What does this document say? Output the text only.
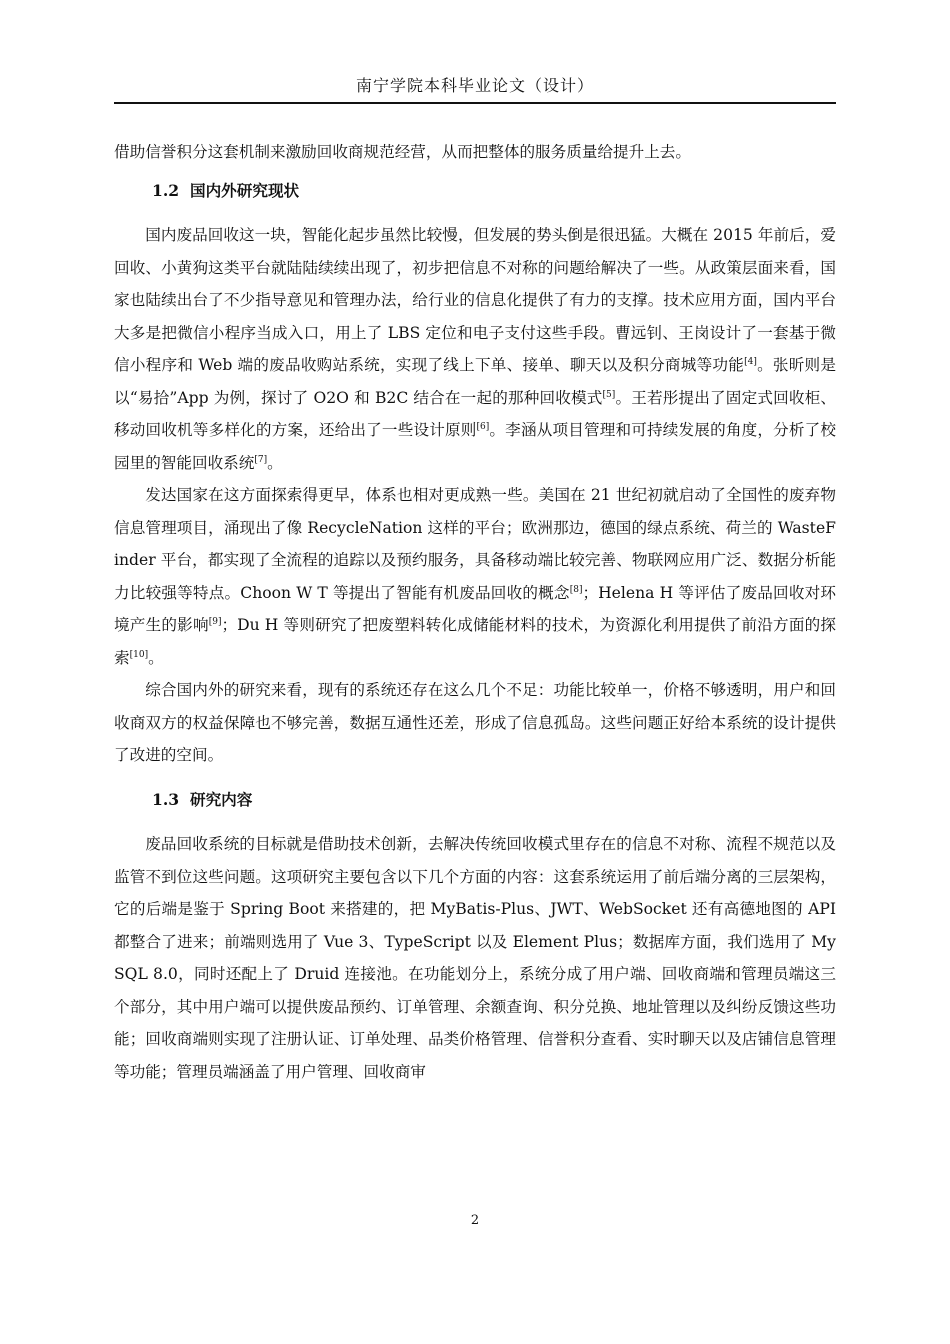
南宁学院本科毕业论文（设计）

借助信誉积分这套机制来激励回收商规范经营，从而把整体的服务质量给提升上去。

1.2  国内外研究现状

国内废品回收这一块，智能化起步虽然比较慢，但发展的势头倒是很迅猛。大概在 2015 年前后，爱回收、小黄狗这类平台就陆陆续续出现了，初步把信息不对称的问题给解决了一些。从政策层面来看，国家也陆续出台了不少指导意见和管理办法，给行业的信息化提供了有力的支撑。技术应用方面，国内平台大多是把微信小程序当成入口，用上了 LBS 定位和电子支付这些手段。曹远钊、王岗设计了一套基于微信小程序和 Web 端的废品收购站系统，实现了线上下单、接单、聊天以及积分商城等功能[4]。张昕则是以“易拾”App 为例，探讨了 O2O 和 B2C 结合在一起的那种回收模式[5]。王若彤提出了固定式回收柜、移动回收机等多样化的方案，还给出了一些设计原则[6]。李涵从项目管理和可持续发展的角度，分析了校园里的智能回收系统[7]。

发达国家在这方面探索得更早，体系也相对更成熟一些。美国在 21 世纪初就启动了全国性的废弃物信息管理项目，涌现出了像 RecycleNation 这样的平台；欧洲那边，德国的绿点系统、荷兰的 WasteFinder 平台，都实现了全流程的追踪以及预约服务，具备移动端比较完善、物联网应用广泛、数据分析能力比较强等特点。Choon W T 等提出了智能有机废品回收的概念[8]；Helena H 等评估了废品回收对环境产生的影响[9]；Du H 等则研究了把废塑料转化成储能材料的技术，为资源化利用提供了前沿方面的探索[10]。

综合国内外的研究来看，现有的系统还存在这么几个不足：功能比较单一，价格不够透明，用户和回收商双方的权益保障也不够完善，数据互通性还差，形成了信息孤岛。这些问题正好给本系统的设计提供了改进的空间。

1.3  研究内容

废品回收系统的目标就是借助技术创新，去解决传统回收模式里存在的信息不对称、流程不规范以及监管不到位这些问题。这项研究主要包含以下几个方面的内容：这套系统运用了前后端分离的三层架构，它的后端是鉴于 Spring Boot 来搭建的，把 MyBatis-Plus、JWT、WebSocket 还有高德地图的 API 都整合了进来；前端则选用了 Vue 3、TypeScript 以及 Element Plus；数据库方面，我们选用了 MySQL 8.0，同时还配上了 Druid 连接池。在功能划分上，系统分成了用户端、回收商端和管理员端这三个部分，其中用户端可以提供废品预约、订单管理、余额查询、积分兑换、地址管理以及纠纷反馈这些功能；回收商端则实现了注册认证、订单处理、品类价格管理、信誉积分查看、实时聊天以及店铺信息管理等功能；管理员端涵盖了用户管理、回收商审

2
